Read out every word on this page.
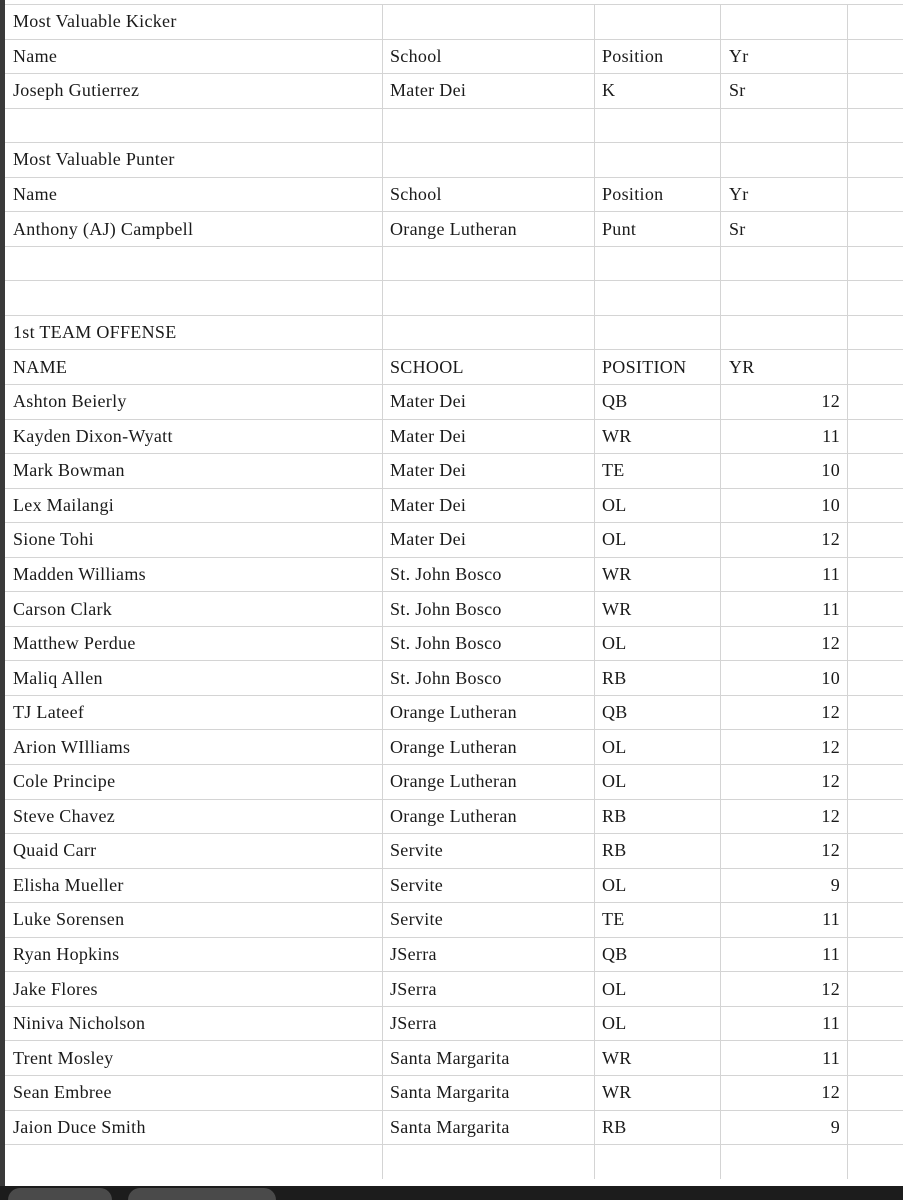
Most Valuable Kicker
Name	School	Position	Yr
Joseph Gutierrez	Mater Dei	K	Sr
Most Valuable Punter
Name	School	Position	Yr
Anthony (AJ) Campbell	Orange Lutheran	Punt	Sr
1st TEAM OFFENSE
NAME	SCHOOL	POSITION	YR
Ashton Beierly	Mater Dei	QB	12
Kayden Dixon-Wyatt	Mater Dei	WR	11
Mark Bowman	Mater Dei	TE	10
Lex Mailangi	Mater Dei	OL	10
Sione Tohi	Mater Dei	OL	12
Madden Williams	St. John Bosco	WR	11
Carson Clark	St. John Bosco	WR	11
Matthew Perdue	St. John Bosco	OL	12
Maliq Allen	St. John Bosco	RB	10
TJ Lateef	Orange Lutheran	QB	12
Arion WIlliams	Orange Lutheran	OL	12
Cole Principe	Orange Lutheran	OL	12
Steve Chavez	Orange Lutheran	RB	12
Quaid Carr	Servite	RB	12
Elisha Mueller	Servite	OL	9
Luke Sorensen	Servite	TE	11
Ryan Hopkins	JSerra	QB	11
Jake Flores	JSerra	OL	12
Niniva Nicholson	JSerra	OL	11
Trent Mosley	Santa Margarita	WR	11
Sean Embree	Santa Margarita	WR	12
Jaion Duce Smith	Santa Margarita	RB	9
